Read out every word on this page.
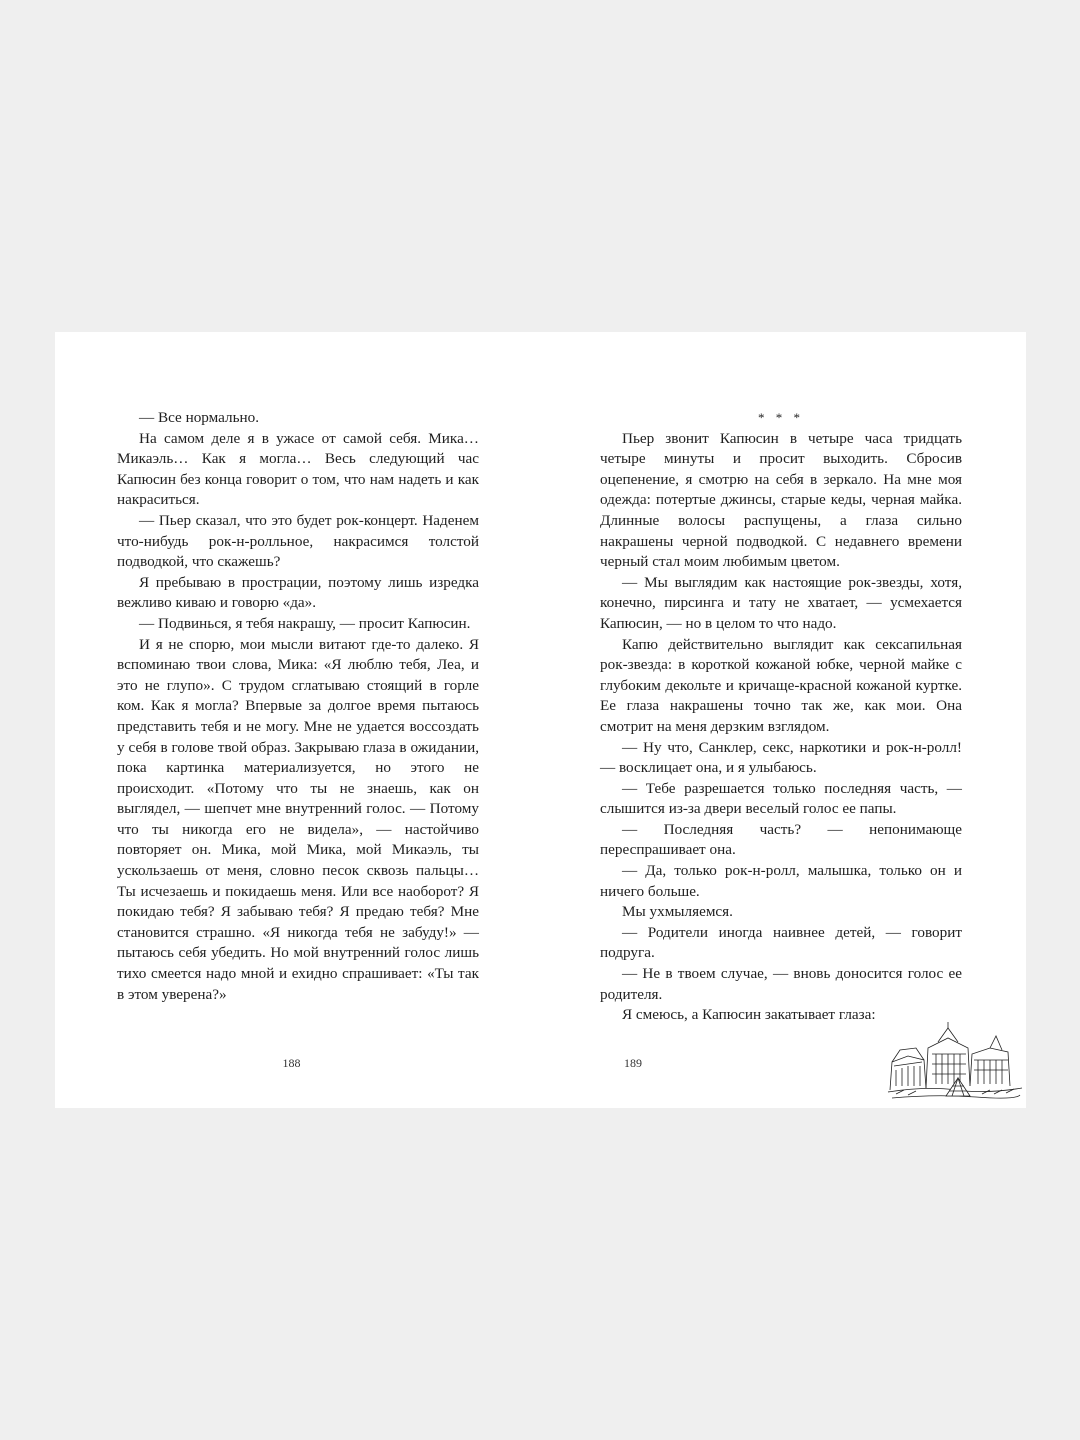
— Все нормально.

На самом деле я в ужасе от самой себя. Мика… Микаэль… Как я могла… Весь следующий час Капюсин без конца говорит о том, что нам надеть и как накраситься.

— Пьер сказал, что это будет рок-концерт. Наденем что-нибудь рок-н-ролльное, накрасимся толстой подводкой, что скажешь?

Я пребываю в прострации, поэтому лишь изредка вежливо киваю и говорю «да».

— Подвинься, я тебя накрашу, — просит Капюсин.

И я не спорю, мои мысли витают где-то далеко. Я вспоминаю твои слова, Мика: «Я люблю тебя, Леа, и это не глупо». С трудом сглатываю стоящий в горле ком. Как я могла? Впервые за долгое время пытаюсь представить тебя и не могу. Мне не удается воссоздать у себя в голове твой образ. Закрываю глаза в ожидании, пока картинка материализуется, но этого не происходит. «Потому что ты не знаешь, как он выглядел, — шепчет мне внутренний голос. — Потому что ты никогда его не видела», — настойчиво повторяет он. Мика, мой Мика, мой Микаэль, ты ускользаешь от меня, словно песок сквозь пальцы… Ты исчезаешь и покидаешь меня. Или все наоборот? Я покидаю тебя? Я забываю тебя? Я предаю тебя? Мне становится страшно. «Я никогда тебя не забуду!» — пытаюсь себя убедить. Но мой внутренний голос лишь тихо смеется надо мной и ехидно спрашивает: «Ты так в этом уверена?»

188

* * *

Пьер звонит Капюсин в четыре часа тридцать четыре минуты и просит выходить. Сбросив оцепенение, я смотрю на себя в зеркало. На мне моя одежда: потертые джинсы, старые кеды, черная майка. Длинные волосы распущены, а глаза сильно накрашены черной подводкой. С недавнего времени черный стал моим любимым цветом.

— Мы выглядим как настоящие рок-звезды, хотя, конечно, пирсинга и тату не хватает, — усмехается Капюсин, — но в целом то что надо.

Капю действительно выглядит как сексапильная рок-звезда: в короткой кожаной юбке, черной майке с глубоким декольте и кричаще-красной кожаной куртке. Ее глаза накрашены точно так же, как мои. Она смотрит на меня дерзким взглядом.

— Ну что, Санклер, секс, наркотики и рок-н-ролл! — восклицает она, и я улыбаюсь.

— Тебе разрешается только последняя часть, — слышится из-за двери веселый голос ее папы.

— Последняя часть? — непонимающе переспрашивает она.

— Да, только рок-н-ролл, малышка, только он и ничего больше.

Мы ухмыляемся.

— Родители иногда наивнее детей, — говорит подруга.

— Не в твоем случае, — вновь доносится голос ее родителя.

Я смеюсь, а Капюсин закатывает глаза:

189
